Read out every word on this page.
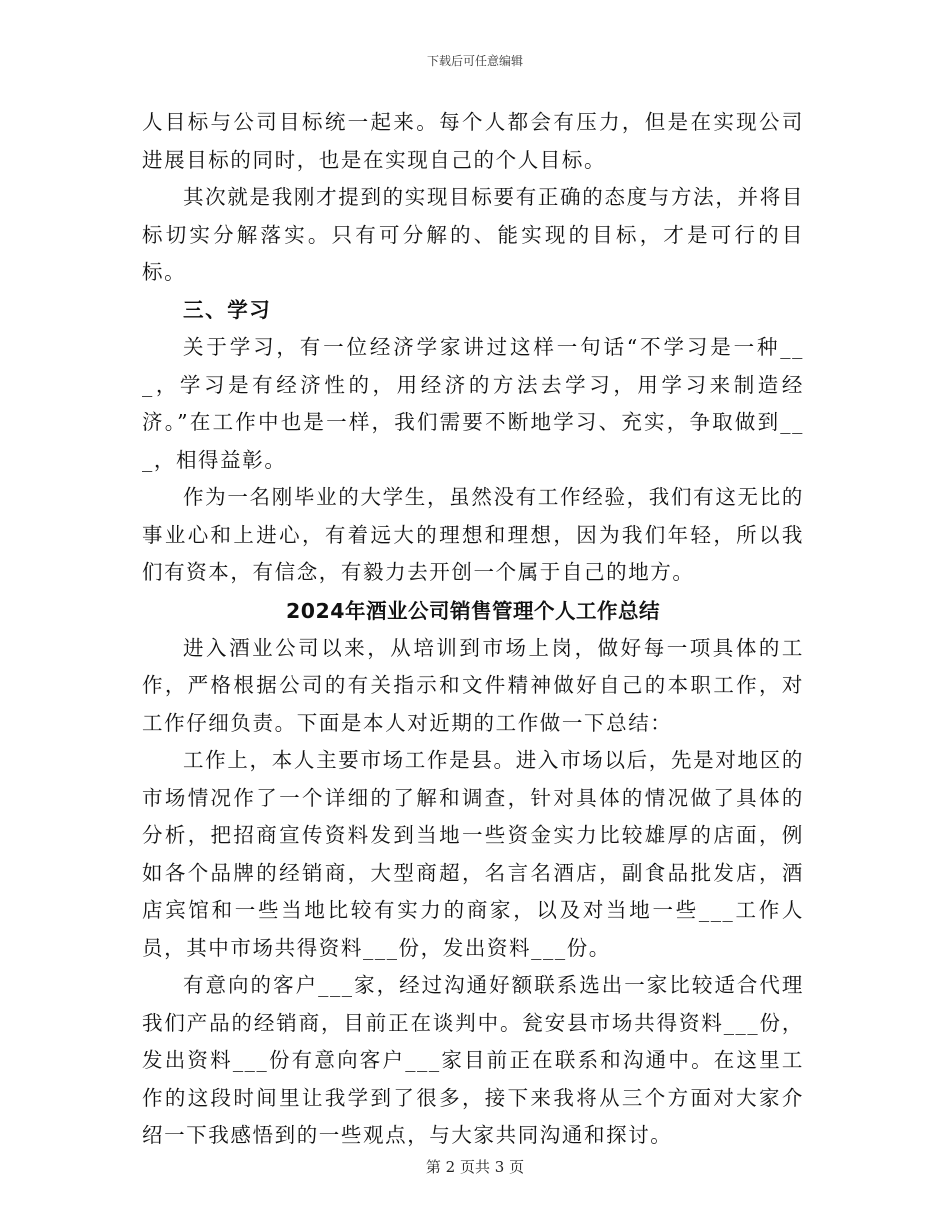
下载后可任意编辑

人目标与公司目标统一起来。每个人都会有压力，但是在实现公司进展目标的同时，也是在实现自己的个人目标。

其次就是我刚才提到的实现目标要有正确的态度与方法，并将目标切实分解落实。只有可分解的、能实现的目标，才是可行的目标。

三、学习

关于学习，有一位经济学家讲过这样一句话“不学习是一种___，学习是有经济性的，用经济的方法去学习，用学习来制造经济。”在工作中也是一样，我们需要不断地学习、充实，争取做到___，相得益彰。

作为一名刚毕业的大学生，虽然没有工作经验，我们有这无比的事业心和上进心，有着远大的理想和理想，因为我们年轻，所以我们有资本，有信念，有毅力去开创一个属于自己的地方。

2024年酒业公司销售管理个人工作总结

进入酒业公司以来，从培训到市场上岗，做好每一项具体的工作，严格根据公司的有关指示和文件精神做好自己的本职工作，对工作仔细负责。下面是本人对近期的工作做一下总结：

工作上，本人主要市场工作是县。进入市场以后，先是对地区的市场情况作了一个详细的了解和调查，针对具体的情况做了具体的分析，把招商宣传资料发到当地一些资金实力比较雄厚的店面，例如各个品牌的经销商，大型商超，名言名酒店，副食品批发店，酒店宾馆和一些当地比较有实力的商家，以及对当地一些___工作人员，其中市场共得资料___份，发出资料___份。

有意向的客户___家，经过沟通好额联系选出一家比较适合代理我们产品的经销商，目前正在谈判中。瓮安县市场共得资料___份，发出资料___份有意向客户___家目前正在联系和沟通中。在这里工作的这段时间里让我学到了很多，接下来我将从三个方面对大家介绍一下我感悟到的一些观点，与大家共同沟通和探讨。

第 2 页共 3 页
